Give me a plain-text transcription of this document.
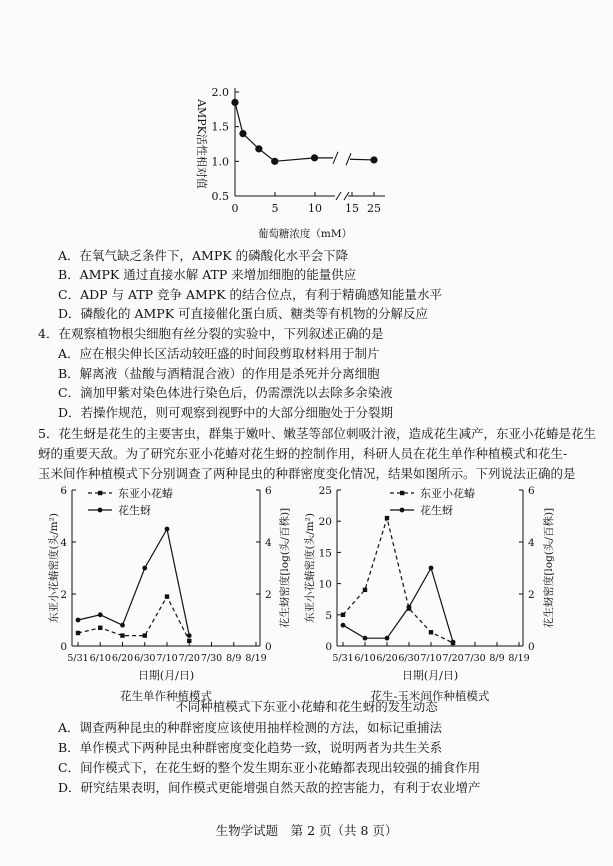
0.5
1.0
1.5
2.0
0	5	10 15 25
AMPK活性相对值
葡萄糖浓度（mM）
A．在氧气缺乏条件下，AMPK 的磷酸化水平会下降
B．AMPK 通过直接水解 ATP 来增加细胞的能量供应
C．ADP 与 ATP 竞争 AMPK 的结合位点，有利于精确感知能量水平
D．磷酸化的 AMPK 可直接催化蛋白质、糖类等有机物的分解反应
4．在观察植物根尖细胞有丝分裂的实验中，下列叙述正确的是
A．应在根尖伸长区活动较旺盛的时间段剪取材料用于制片
B．解离液（盐酸与酒精混合液）的作用是杀死并分离细胞
C．滴加甲紫对染色体进行染色后，仍需漂洗以去除多余染液
D．若操作规范，则可观察到视野中的大部分细胞处于分裂期
5．花生蚜是花生的主要害虫，群集于嫩叶、嫩茎等部位刺吸汁液，造成花生减产，东亚小花蝽是花生
蚜的重要天敌。为了研究东亚小花蝽对花生蚜的控制作用，科研人员在花生单作种植模式和花生-
玉米间作种植模式下分别调查了两种昆虫的种群密度变化情况，结果如图所示。下列说法正确的是
0
2
4
6
0
2
4
6
5/31 6/10 6/20 6/30 7/10 7/20 7/30 8/9 8/19
东亚小花蝽密度(头/m²)	花生蚜密度[log(头/百株)]
日期(月/日)
花生单作种植模式
东亚小花蝽
花生蚜
0
5
10
15
20
25
0
2
4
6
5/31 6/10 6/20 6/30 7/10 7/20 7/30 8/9 8/19
东亚小花蝽密度(头/m²)	花生蚜密度[log(头/百株)]
日期(月/日)
花生-玉米间作种植模式
东亚小花蝽
花生蚜
不同种植模式下东亚小花蝽和花生蚜的发生动态
A．调查两种昆虫的种群密度应该使用抽样检测的方法，如标记重捕法
B．单作模式下两种昆虫种群密度变化趋势一致，说明两者为共生关系
C．间作模式下，在花生蚜的整个发生期东亚小花蝽都表现出较强的捕食作用
D．研究结果表明，间作模式更能增强自然天敌的控害能力，有利于农业增产
生物学试题　第 2 页（共 8 页）
